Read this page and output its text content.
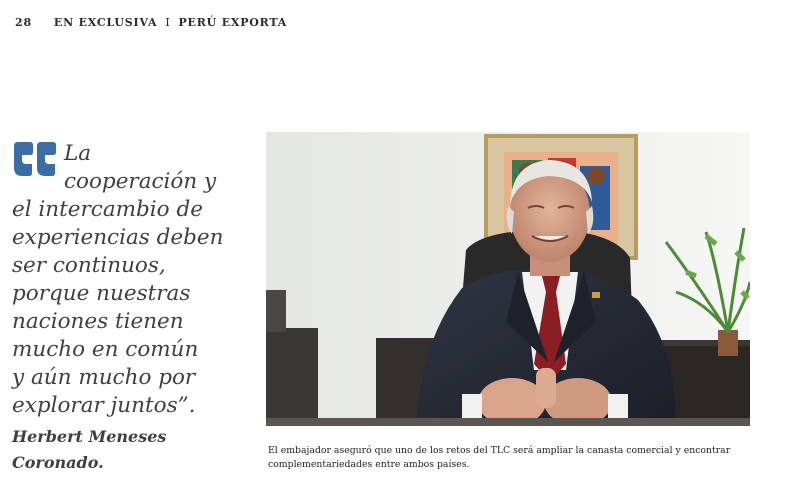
28 EN EXCLUSIVA I PERÚ EXPORTA

La
cooperación y
el intercambio de
experiencias deben
ser continuos,
porque nuestras
naciones tienen
mucho en común
y aún mucho por
explorar juntos”.

Herbert Meneses
Coronado.
El embajador aseguró que uno de los retos del TLC será ampliar la canasta comercial y encontrar complementariedades entre ambos países.
